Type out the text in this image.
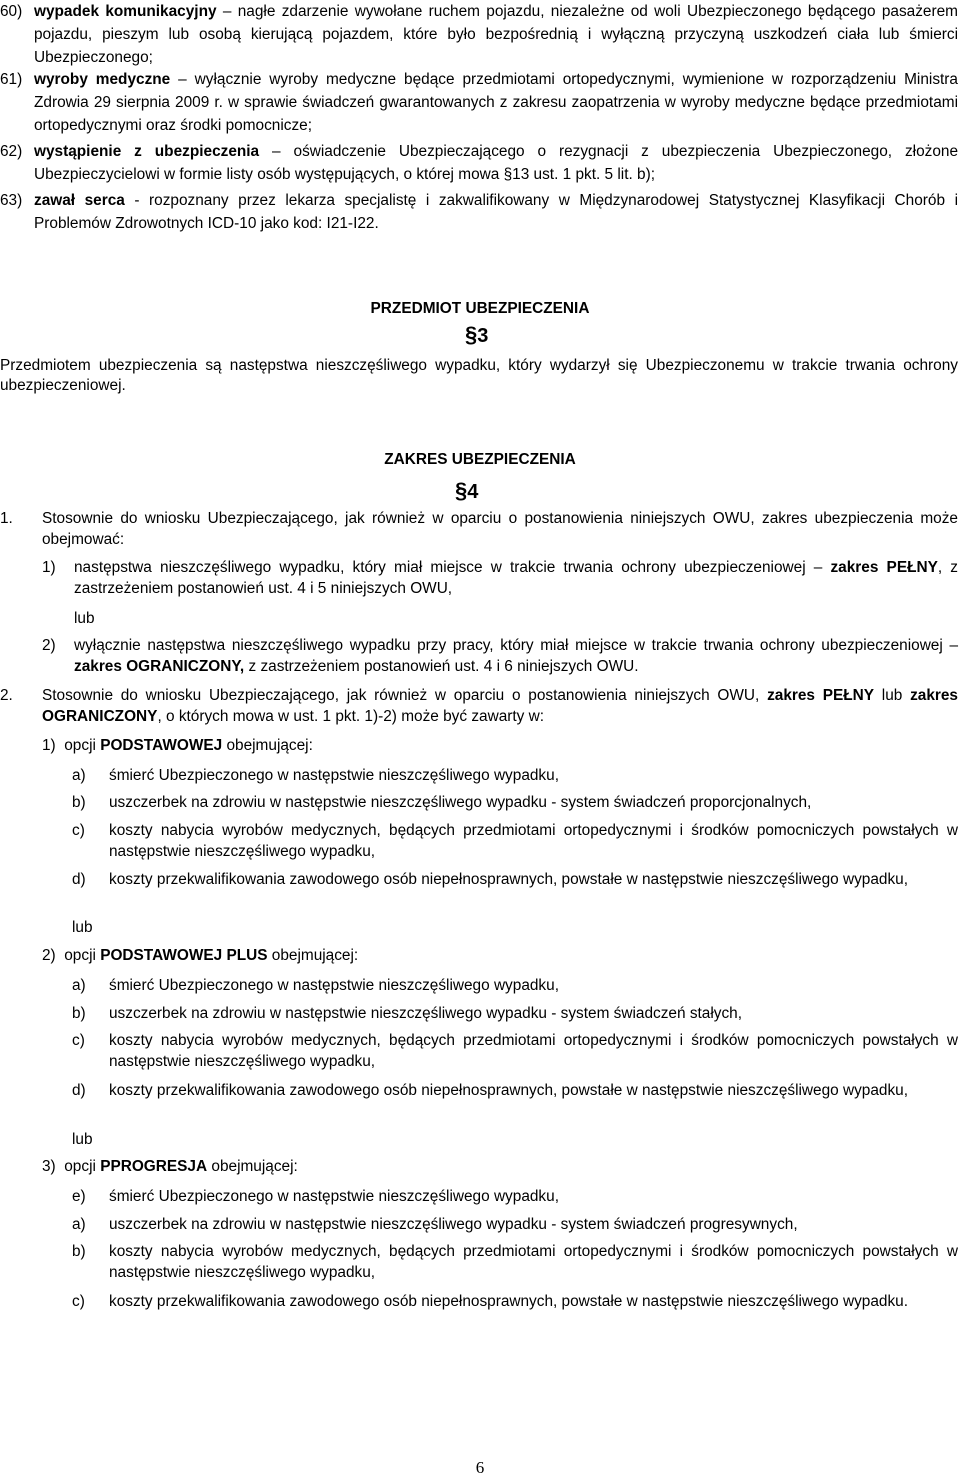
60) wypadek komunikacyjny – nagłe zdarzenie wywołane ruchem pojazdu, niezależne od woli Ubezpieczonego będącego pasażerem pojazdu, pieszym lub osobą kierującą pojazdem, które było bezpośrednią i wyłączną przyczyną uszkodzeń ciała lub śmierci Ubezpieczonego;
61) wyroby medyczne – wyłącznie wyroby medyczne będące przedmiotami ortopedycznymi, wymienione w rozporządzeniu Ministra Zdrowia 29 sierpnia 2009 r. w sprawie świadczeń gwarantowanych z zakresu zaopatrzenia w wyroby medyczne będące przedmiotami ortopedycznymi oraz środki pomocnicze;
62) wystąpienie z ubezpieczenia – oświadczenie Ubezpieczającego o rezygnacji z ubezpieczenia Ubezpieczonego, złożone Ubezpieczycielowi w formie listy osób występujących, o której mowa §13 ust. 1 pkt. 5 lit. b);
63) zawał serca - rozpoznany przez lekarza specjalistę i zakwalifikowany w Międzynarodowej Statystycznej Klasyfikacji Chorób i Problemów Zdrowotnych ICD-10 jako kod: I21-I22.
PRZEDMIOT UBEZPIECZENIA
§3
Przedmiotem ubezpieczenia są następstwa nieszczęśliwego wypadku, który wydarzył się Ubezpieczonemu w trakcie trwania ochrony ubezpieczeniowej.
ZAKRES UBEZPIECZENIA
§4
1. Stosownie do wniosku Ubezpieczającego, jak również w oparciu o postanowienia niniejszych OWU, zakres ubezpieczenia może obejmować:
1) następstwa nieszczęśliwego wypadku, który miał miejsce w trakcie trwania ochrony ubezpieczeniowej – zakres PEŁNY, z zastrzeżeniem postanowień ust. 4 i 5 niniejszych OWU,
lub
2) wyłącznie następstwa nieszczęśliwego wypadku przy pracy, który miał miejsce w trakcie trwania ochrony ubezpieczeniowej – zakres OGRANICZONY, z zastrzeżeniem postanowień ust. 4 i 6 niniejszych OWU.
2. Stosownie do wniosku Ubezpieczającego, jak również w oparciu o postanowienia niniejszych OWU, zakres PEŁNY lub zakres OGRANICZONY, o których mowa w ust. 1 pkt. 1)-2) może być zawarty w:
1) opcji PODSTAWOWEJ obejmującej:
a) śmierć Ubezpieczonego w następstwie nieszczęśliwego wypadku,
b) uszczerbek na zdrowiu w następstwie nieszczęśliwego wypadku - system świadczeń proporcjonalnych,
c) koszty nabycia wyrobów medycznych, będących przedmiotami ortopedycznymi i środków pomocniczych powstałych w następstwie nieszczęśliwego wypadku,
d) koszty przekwalifikowania zawodowego osób niepełnosprawnych, powstałe w następstwie nieszczęśliwego wypadku,
lub
2) opcji PODSTAWOWEJ PLUS obejmującej:
a) śmierć Ubezpieczonego w następstwie nieszczęśliwego wypadku,
b) uszczerbek na zdrowiu w następstwie nieszczęśliwego wypadku - system świadczeń stałych,
c) koszty nabycia wyrobów medycznych, będących przedmiotami ortopedycznymi i środków pomocniczych powstałych w następstwie nieszczęśliwego wypadku,
d) koszty przekwalifikowania zawodowego osób niepełnosprawnych, powstałe w następstwie nieszczęśliwego wypadku,
lub
3) opcji PPROGRESJA obejmującej:
e) śmierć Ubezpieczonego w następstwie nieszczęśliwego wypadku,
a) uszczerbek na zdrowiu w następstwie nieszczęśliwego wypadku - system świadczeń progresywnych,
b) koszty nabycia wyrobów medycznych, będących przedmiotami ortopedycznymi i środków pomocniczych powstałych w następstwie nieszczęśliwego wypadku,
c) koszty przekwalifikowania zawodowego osób niepełnosprawnych, powstałe w następstwie nieszczęśliwego wypadku.
6
